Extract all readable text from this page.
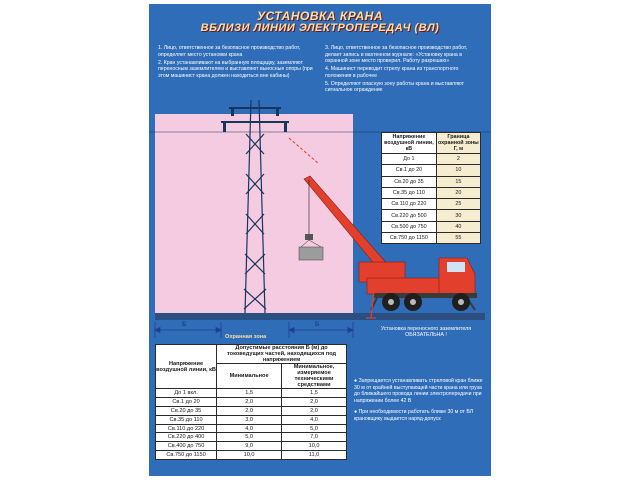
УСТАНОВКА КРАНА
ВБЛИЗИ ЛИНИИ ЭЛЕКТРОПЕРЕДАЧ (ВЛ)

1. Лицо, ответственное за безопасное производство работ, определяет место установки крана

2. Кран устанавливают на выбранную площадку, заземляют переносным заземлителем и выставляют выносные опоры (при этом машинист крана должен находиться вне кабины)

3. Лицо, ответственное за безопасное производство работ, делает запись в вахтенном журнале: «Установку крана в охранной зоне место проверил. Работу разрешаю»

4. Машинист переводит стрелу крана из транспортного положения в рабочее

5. Определяют опасную зону работы крана и выставляют сигнальное ограждение

Б	Б
Охранная зона
Установка переносного заземлителя ОБЯЗАТЕЛЬНА !
Напряжение воздушной линии, кВ	Граница охранной зоны Г, м
До 1	2
Св.1 до 20	10
Св.20 до 35	15
Св.35 до 110	20
Св.110 до 220	25
Св.220 до 500	30
Св.500 до 750	40
Св.750 до 1150	55
Напряжение воздушной линии, кВ	Допустимые расстояния Б (м) до токоведущих частей, находящихся под напряжением	
	Минимальное	Минимальное, измеряемое техническими средствами
До 1 вкл.	1,5	1,5
Св.1 до 20	2,0	2,0
Св.20 до 35	2,0	2,0
Св.35 до 110	3,0	4,0
Св.110 до 220	4,0	5,0
Св.220 до 400	5,0	7,0
Св.400 до 750	9,0	10,0
Св.750 до 1150	10,0	11,0

● Запрещается устанавливать стреловой кран ближе 30 м от крайней выступающей части крана или груза до ближайшего провода линии электропередачи при напряжении более 42 В

● При необходимости работать ближе 30 м от ВЛ крановщику выдается наряд-допуск
